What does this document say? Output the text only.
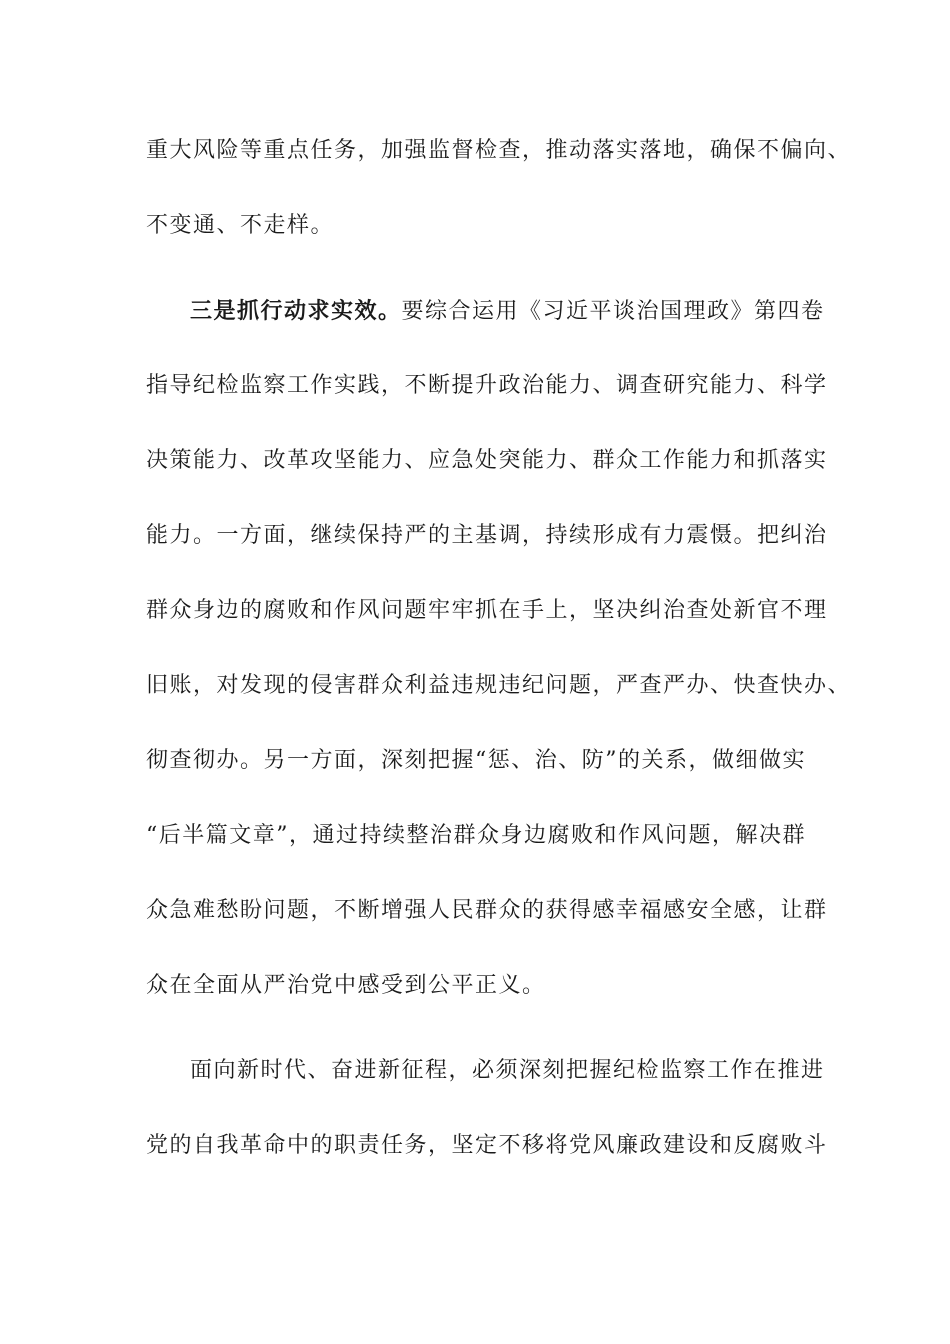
重大风险等重点任务，加强监督检查，推动落实落地，确保不偏向、
不变通、不走样。
三是抓行动求实效。要综合运用《习近平谈治国理政》第四卷
指导纪检监察工作实践，不断提升政治能力、调查研究能力、科学
决策能力、改革攻坚能力、应急处突能力、群众工作能力和抓落实
能力。一方面，继续保持严的主基调，持续形成有力震慑。把纠治
群众身边的腐败和作风问题牢牢抓在手上，坚决纠治查处新官不理
旧账，对发现的侵害群众利益违规违纪问题，严查严办、快查快办、
彻查彻办。另一方面，深刻把握“惩、治、防”的关系，做细做实
“后半篇文章”，通过持续整治群众身边腐败和作风问题，解决群
众急难愁盼问题，不断增强人民群众的获得感幸福感安全感，让群
众在全面从严治党中感受到公平正义。
面向新时代、奋进新征程，必须深刻把握纪检监察工作在推进
党的自我革命中的职责任务，坚定不移将党风廉政建设和反腐败斗
